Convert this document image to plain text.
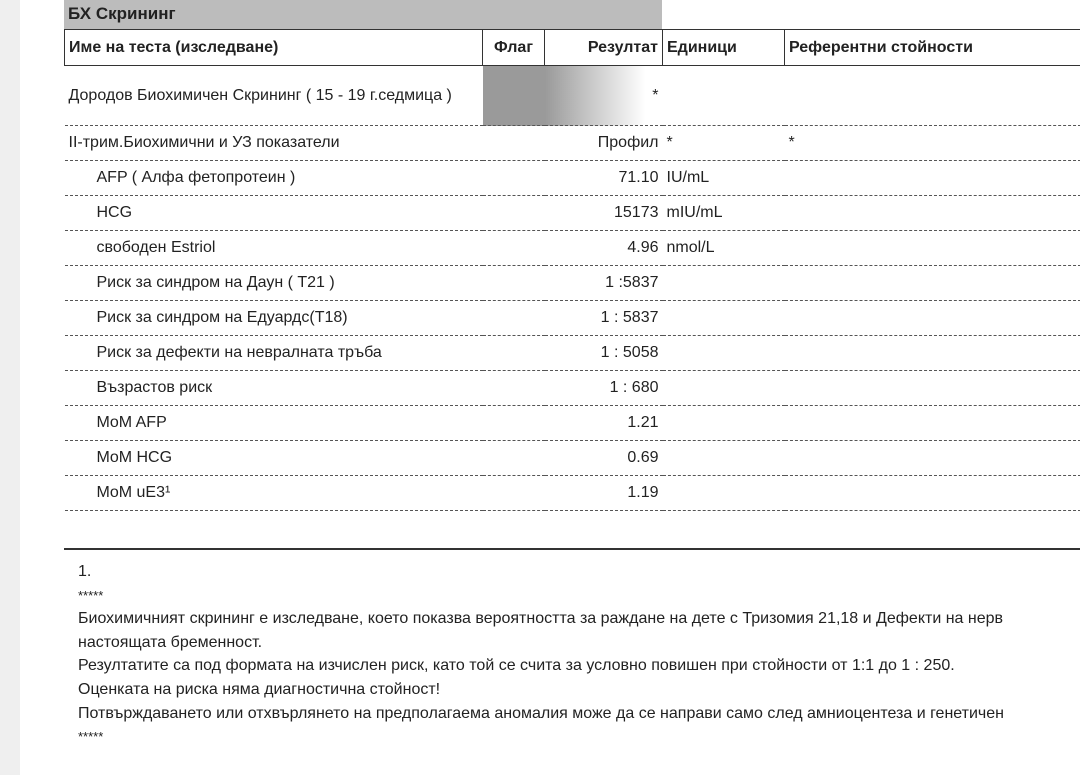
БХ Скрининг
Име на теста (изследване)	Флаг	Резултат	Единици	Референтни стойности
Дородов Биохимичен Скрининг ( 15 - 19 г.седмица )		*		
II-трим.Биохимични и УЗ показатели		Профил	*	*
AFP ( Алфа фетопротеин )		71.10	IU/mL	
HCG		15173	mIU/mL	
свободен Estriol		4.96	nmol/L	
Риск за синдром на Даун ( Т21 )		1 :5837		
Риск за синдром на Едуардс(Т18)		1 : 5837		
Риск за дефекти на невралната тръба		1 : 5058		
Възрастов риск		1 : 680		
MoM AFP		1.21		
MoM HCG		0.69		
MoM uE3¹		1.19		
1.
*****
Биохимичният скрининг е изследване, което показва вероятността за раждане на дете с Тризомия 21,18 и Дефекти на нерв
настоящата бременност.
Резултатите са под формата на изчислен риск, като той се счита за условно повишен при стойности от 1:1 до 1 : 250.
Оценката на риска няма диагностична стойност!
Потвърждаването или отхвърлянето на предполагаема аномалия може да се направи само след амниоцентеза и генетичен
*****
